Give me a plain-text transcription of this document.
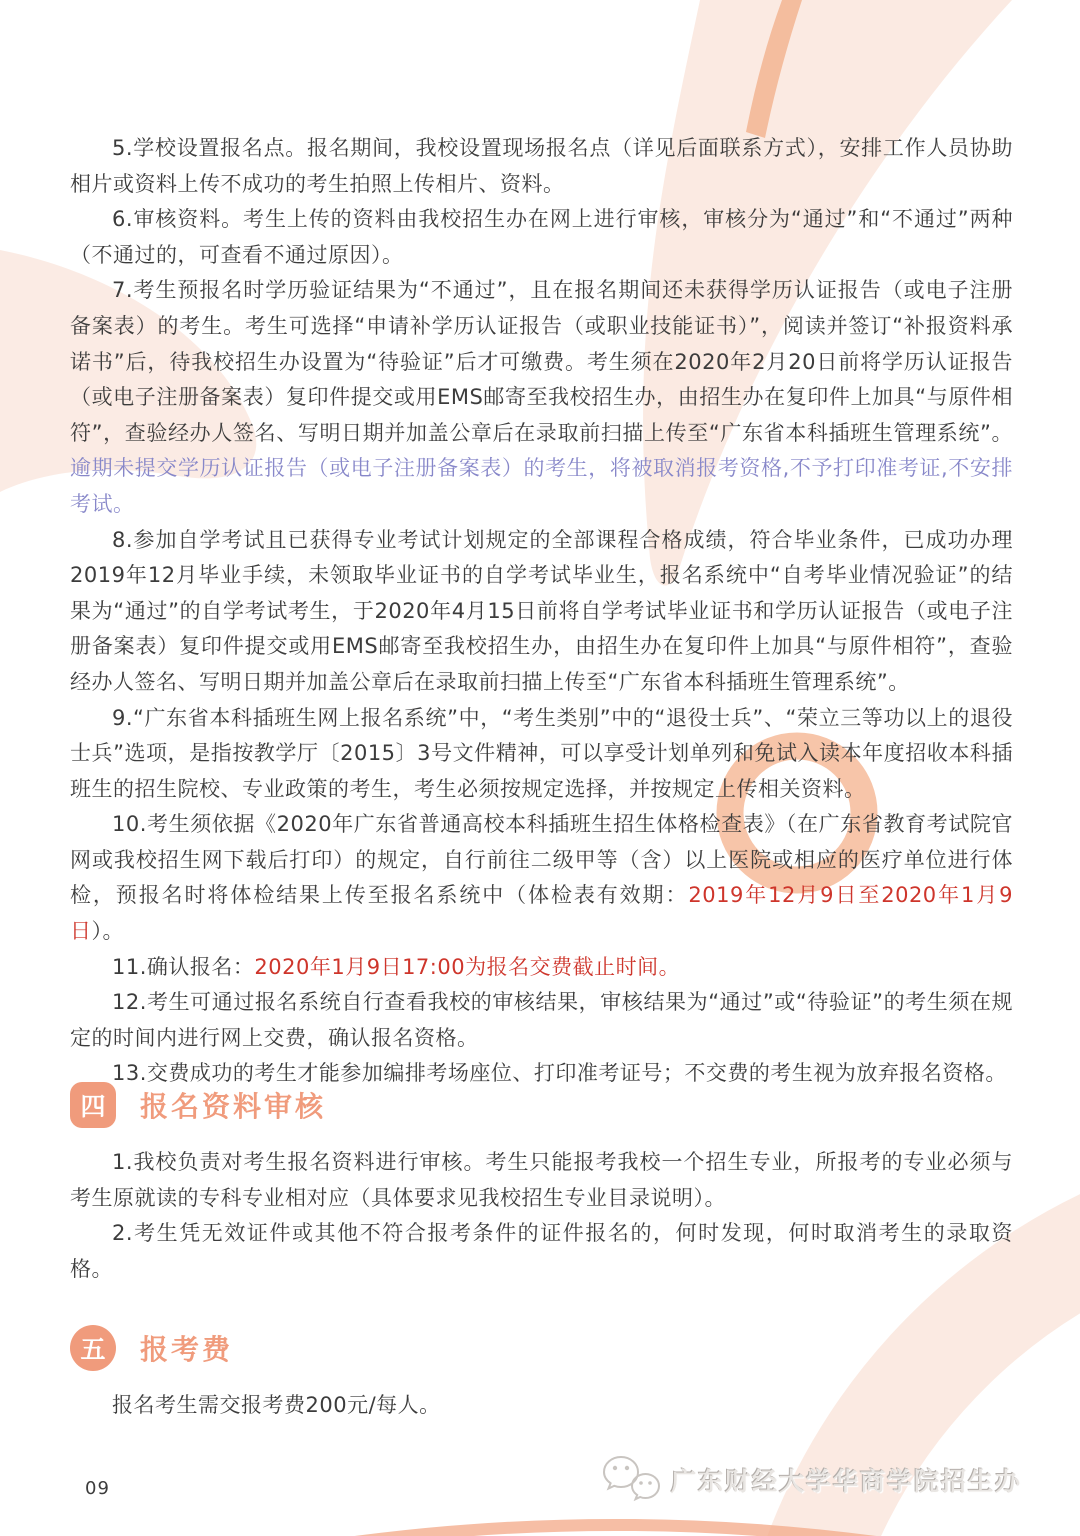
5.学校设置报名点。报名期间，我校设置现场报名点（详见后面联系方式），安排工作人员协助相片或资料上传不成功的考生拍照上传相片、资料。

6.审核资料。考生上传的资料由我校招生办在网上进行审核，审核分为“通过”和“不通过”两种（不通过的，可查看不通过原因）。

7.考生预报名时学历验证结果为“不通过”，且在报名期间还未获得学历认证报告（或电子注册备案表）的考生。考生可选择“申请补学历认证报告（或职业技能证书）”，阅读并签订“补报资料承诺书”后，待我校招生办设置为“待验证”后才可缴费。考生须在2020年2月20日前将学历认证报告（或电子注册备案表）复印件提交或用EMS邮寄至我校招生办，由招生办在复印件上加具“与原件相符”，查验经办人签名、写明日期并加盖公章后在录取前扫描上传至“广东省本科插班生管理系统”。逾期未提交学历认证报告（或电子注册备案表）的考生，将被取消报考资格,不予打印准考证,不安排考试。

8.参加自学考试且已获得专业考试计划规定的全部课程合格成绩，符合毕业条件，已成功办理2019年12月毕业手续，未领取毕业证书的自学考试毕业生，报名系统中“自考毕业情况验证”的结果为“通过”的自学考试考生，于2020年4月15日前将自学考试毕业证书和学历认证报告（或电子注册备案表）复印件提交或用EMS邮寄至我校招生办，由招生办在复印件上加具“与原件相符”，查验经办人签名、写明日期并加盖公章后在录取前扫描上传至“广东省本科插班生管理系统”。

9.“广东省本科插班生网上报名系统”中，“考生类别”中的“退役士兵”、“荣立三等功以上的退役士兵”选项，是指按教学厅〔2015〕3号文件精神，可以享受计划单列和免试入读本年度招收本科插班生的招生院校、专业政策的考生，考生必须按规定选择，并按规定上传相关资料。

10.考生须依据《2020年广东省普通高校本科插班生招生体格检查表》（在广东省教育考试院官网或我校招生网下载后打印）的规定，自行前往二级甲等（含）以上医院或相应的医疗单位进行体检，预报名时将体检结果上传至报名系统中（体检表有效期：2019年12月9日至2020年1月9日）。

11.确认报名：2020年1月9日17:00为报名交费截止时间。

12.考生可通过报名系统自行查看我校的审核结果，审核结果为“通过”或“待验证”的考生须在规定的时间内进行网上交费，确认报名资格。

13.交费成功的考生才能参加编排考场座位、打印准考证号；不交费的考生视为放弃报名资格。

四	报名资料审核

1.我校负责对考生报名资料进行审核。考生只能报考我校一个招生专业，所报考的专业必须与考生原就读的专科专业相对应（具体要求见我校招生专业目录说明）。

2.考生凭无效证件或其他不符合报考条件的证件报名的，何时发现，何时取消考生的录取资格。

五	报考费

报名考生需交报考费200元/每人。

09	广东财经大学华商学院招生办
